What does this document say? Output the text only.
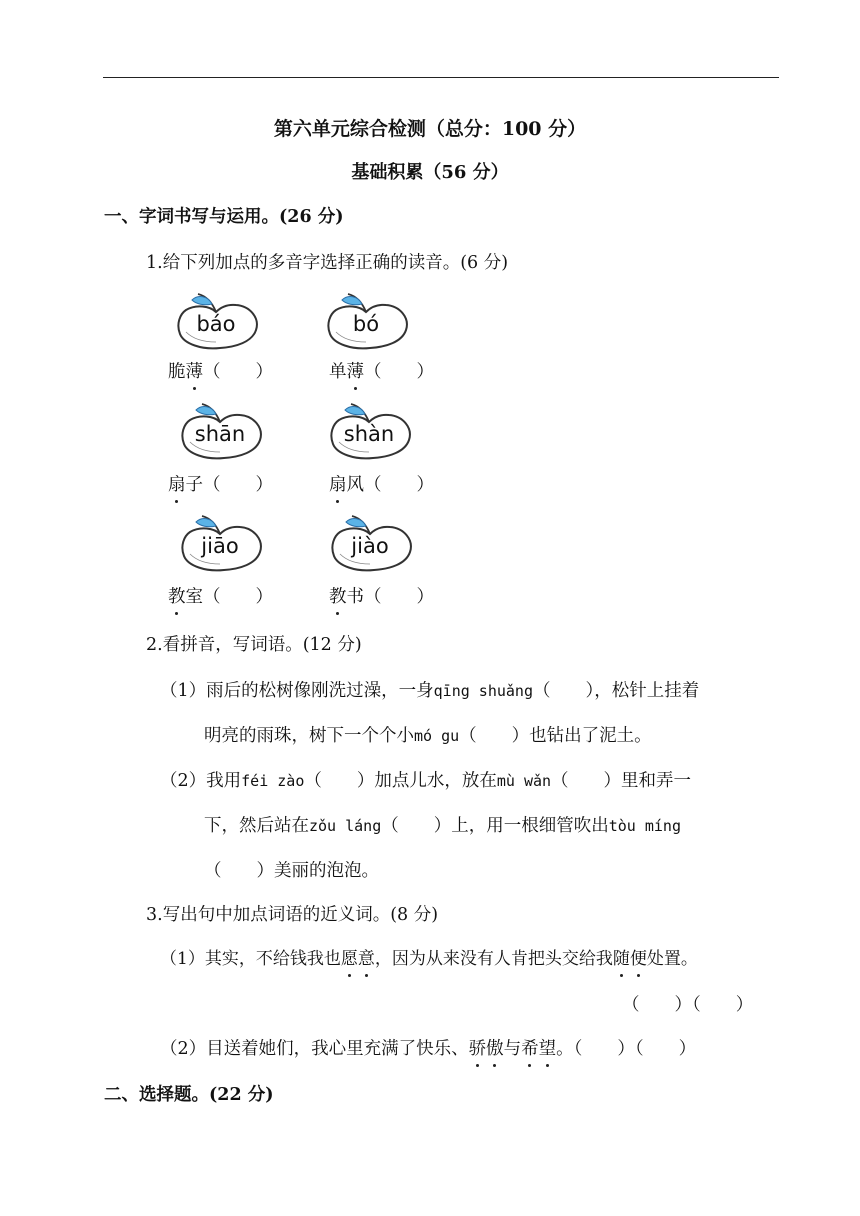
第六单元综合检测（总分：100 分）
基础积累（56 分）
一、字词书写与运用。(26 分)
1.给下列加点的多音字选择正确的读音。(6 分)
báo	bó
shān	shàn
jiāo	jiào
脆薄（　　）	单薄（　　）
扇子（　　）	扇风（　　）
教室（　　）	教书（　　）
2.看拼音，写词语。(12 分)
（1）雨后的松树像刚洗过澡，一身qīng shuǎng（　　），松针上挂着
明亮的雨珠，树下一个个小mó gu（　　）也钻出了泥土。
（2）我用féi zào（　　）加点儿水，放在mù wǎn（　　）里和弄一
下，然后站在zǒu láng（　　）上，用一根细管吹出tòu míng
（　　）美丽的泡泡。
3.写出句中加点词语的近义词。(8 分)
（1）其实，不给钱我也愿意，因为从来没有人肯把头交给我随便处置。
（　　）（　　）
（2）目送着她们，我心里充满了快乐、骄傲与希望。（　　）（　　）
二、选择题。(22 分)
